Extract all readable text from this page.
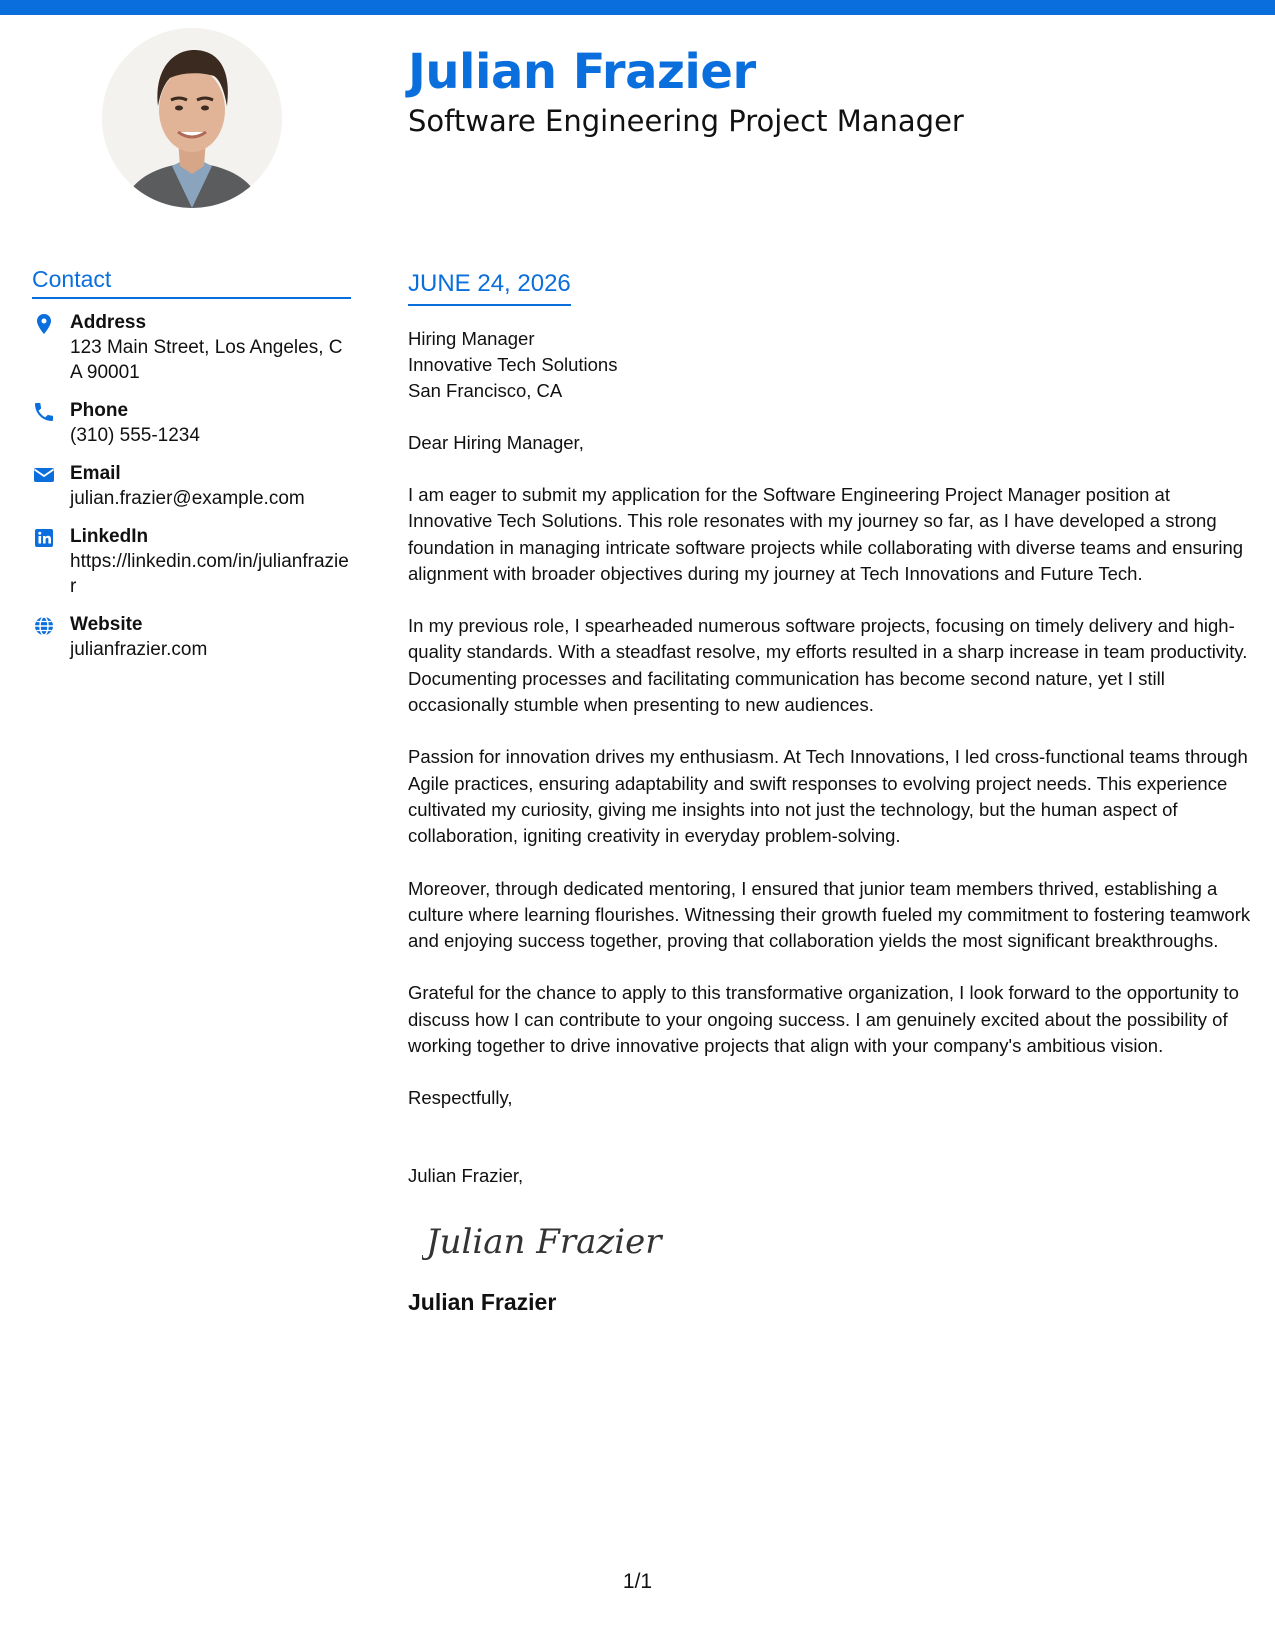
Julian Frazier
Software Engineering Project Manager
Contact
Address
123 Main Street, Los Angeles, CA 90001
Phone
(310) 555-1234
Email
julian.frazier@example.com
LinkedIn
https://linkedin.com/in/julianfrazier
Website
julianfrazier.com
JUNE 24, 2026
Hiring Manager
Innovative Tech Solutions
San Francisco, CA
Dear Hiring Manager,
I am eager to submit my application for the Software Engineering Project Manager position at Innovative Tech Solutions. This role resonates with my journey so far, as I have developed a strong foundation in managing intricate software projects while collaborating with diverse teams and ensuring alignment with broader objectives during my journey at Tech Innovations and Future Tech.
In my previous role, I spearheaded numerous software projects, focusing on timely delivery and high-quality standards. With a steadfast resolve, my efforts resulted in a sharp increase in team productivity. Documenting processes and facilitating communication has become second nature, yet I still occasionally stumble when presenting to new audiences.
Passion for innovation drives my enthusiasm. At Tech Innovations, I led cross-functional teams through Agile practices, ensuring adaptability and swift responses to evolving project needs. This experience cultivated my curiosity, giving me insights into not just the technology, but the human aspect of collaboration, igniting creativity in everyday problem-solving.
Moreover, through dedicated mentoring, I ensured that junior team members thrived, establishing a culture where learning flourishes. Witnessing their growth fueled my commitment to fostering teamwork and enjoying success together, proving that collaboration yields the most significant breakthroughs.
Grateful for the chance to apply to this transformative organization, I look forward to the opportunity to discuss how I can contribute to your ongoing success. I am genuinely excited about the possibility of working together to drive innovative projects that align with your company's ambitious vision.
Respectfully,
Julian Frazier,
Julian Frazier
Julian Frazier
1/1
